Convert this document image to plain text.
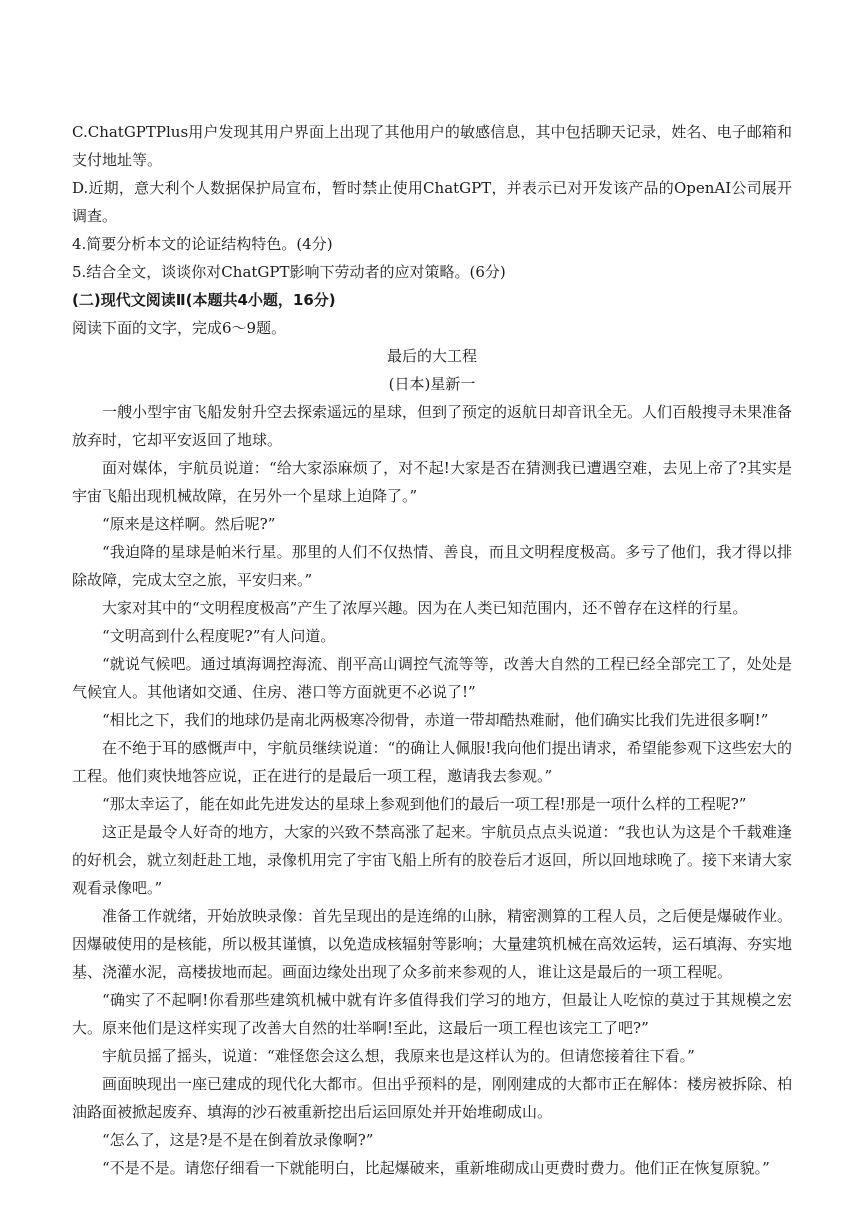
C.ChatGPTPlus用户发现其用户界面上出现了其他用户的敏感信息，其中包括聊天记录，姓名、电子邮箱和支付地址等。

D.近期，意大利个人数据保护局宣布，暂时禁止使用ChatGPT，并表示已对开发该产品的OpenAI公司展开调查。

4.简要分析本文的论证结构特色。(4分)

5.结合全文，谈谈你对ChatGPT影响下劳动者的应对策略。(6分)

(二)现代文阅读Ⅱ(本题共4小题，16分)

阅读下面的文字，完成6～9题。

最后的大工程

(日本)星新一

一艘小型宇宙飞船发射升空去探索遥远的星球，但到了预定的返航日却音讯全无。人们百般搜寻未果准备放弃时，它却平安返回了地球。

面对媒体，宇航员说道：“给大家添麻烦了，对不起!大家是否在猜测我已遭遇空难，去见上帝了?其实是宇宙飞船出现机械故障，在另外一个星球上迫降了。”

“原来是这样啊。然后呢?”

“我迫降的星球是帕米行星。那里的人们不仅热情、善良，而且文明程度极高。多亏了他们，我才得以排除故障，完成太空之旅，平安归来。”

大家对其中的“文明程度极高”产生了浓厚兴趣。因为在人类已知范围内，还不曾存在这样的行星。

“文明高到什么程度呢?”有人问道。

“就说气候吧。通过填海调控海流、削平高山调控气流等等，改善大自然的工程已经全部完工了，处处是气候宜人。其他诸如交通、住房、港口等方面就更不必说了!”

“相比之下，我们的地球仍是南北两极寒冷彻骨，赤道一带却酷热难耐，他们确实比我们先进很多啊!”

在不绝于耳的感慨声中，宇航员继续说道：“的确让人佩服!我向他们提出请求，希望能参观下这些宏大的工程。他们爽快地答应说，正在进行的是最后一项工程，邀请我去参观。”

“那太幸运了，能在如此先进发达的星球上参观到他们的最后一项工程!那是一项什么样的工程呢?”

这正是最令人好奇的地方，大家的兴致不禁高涨了起来。宇航员点点头说道：“我也认为这是个千载难逢的好机会，就立刻赶赴工地，录像机用完了宇宙飞船上所有的胶卷后才返回，所以回地球晚了。接下来请大家观看录像吧。”

准备工作就绪，开始放映录像：首先呈现出的是连绵的山脉，精密测算的工程人员，之后便是爆破作业。因爆破使用的是核能，所以极其谨慎，以免造成核辐射等影响；大量建筑机械在高效运转，运石填海、夯实地基、浇灌水泥，高楼拔地而起。画面边缘处出现了众多前来参观的人，谁让这是最后的一项工程呢。

“确实了不起啊!你看那些建筑机械中就有许多值得我们学习的地方，但最让人吃惊的莫过于其规模之宏大。原来他们是这样实现了改善大自然的壮举啊!至此，这最后一项工程也该完工了吧?”

宇航员摇了摇头，说道：“难怪您会这么想，我原来也是这样认为的。但请您接着往下看。”

画面映现出一座已建成的现代化大都市。但出乎预料的是，刚刚建成的大都市正在解体：楼房被拆除、柏油路面被掀起废弃、填海的沙石被重新挖出后运回原处并开始堆砌成山。

“怎么了，这是?是不是在倒着放录像啊?”

“不是不是。请您仔细看一下就能明白，比起爆破来，重新堆砌成山更费时费力。他们正在恢复原貌。”
